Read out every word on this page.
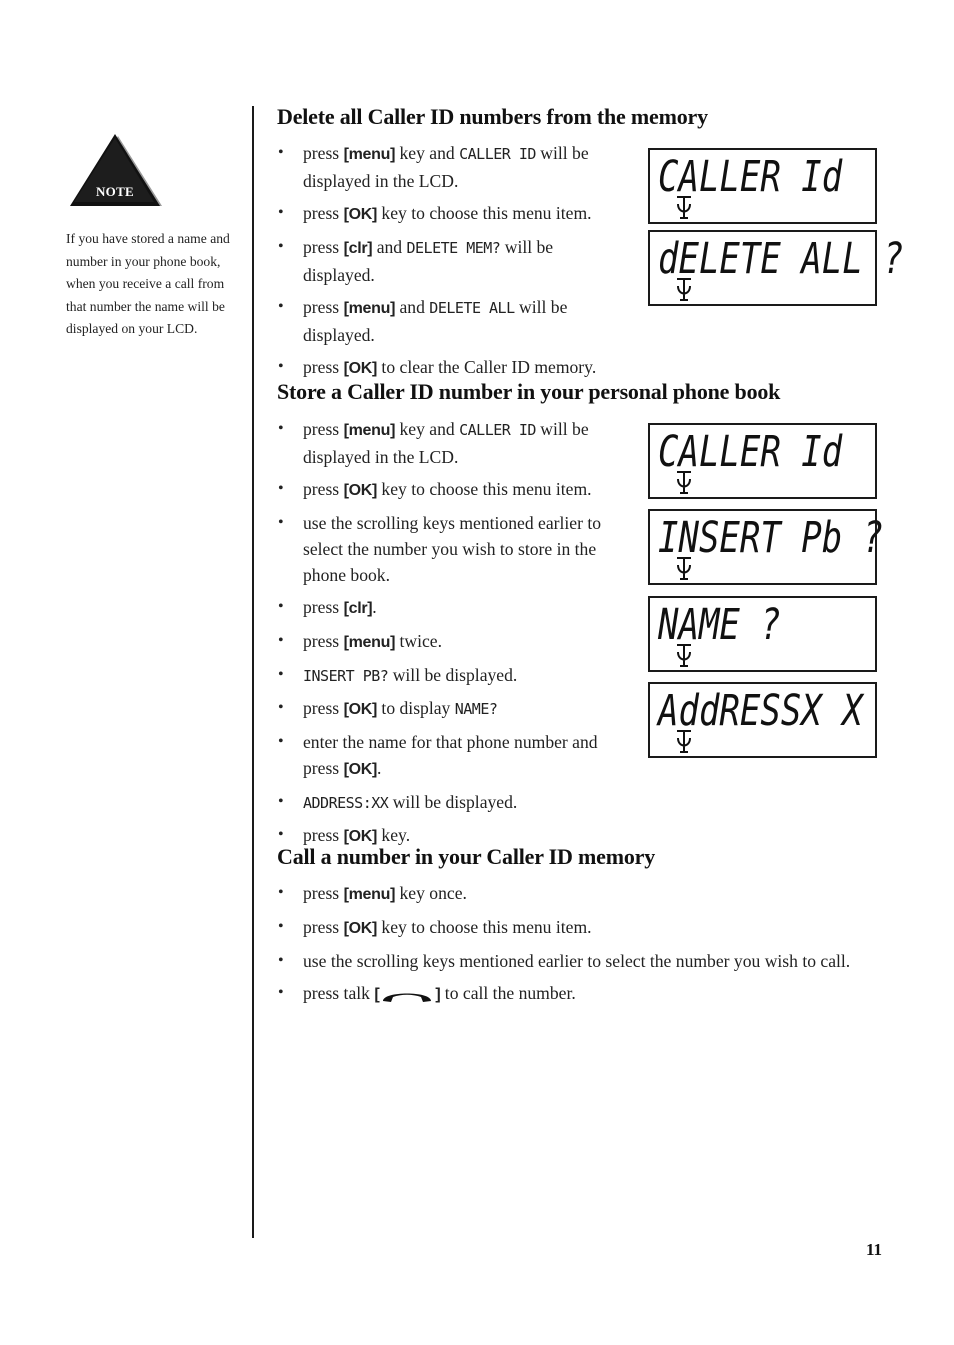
NOTE
If you have stored a name and number in your phone book, when you receive a call from that number the name will be displayed on your LCD.
Delete all Caller ID numbers from the memory
• press [menu] key and CALLER ID will be displayed in the LCD.
• press [OK] key to choose this menu item.
• press [clr] and DELETE MEM? will be displayed.
• press [menu] and DELETE ALL will be displayed.
• press [OK] to clear the Caller ID memory.
Store a Caller ID number in your personal phone book
• press [menu] key and CALLER ID will be displayed in the LCD.
• press [OK] key to choose this menu item.
• use the scrolling keys mentioned earlier to select the number you wish to store in the phone book.
• press [clr].
• press [menu] twice.
• INSERT PB? will be displayed.
• press [OK] to display NAME?
• enter the name for that phone number and press [OK].
• ADDRESS:XX will be displayed.
• press [OK] key.
Call a number in your Caller ID memory
• press [menu] key once.
• press [OK] key to choose this menu item.
• use the scrolling keys mentioned earlier to select the number you wish to call.
• press talk [	] to call the number.
CALLER Id
dELETE ALL ?
CALLER Id
INSERT Pb ?
NAME ?
AddRESSX X
11
